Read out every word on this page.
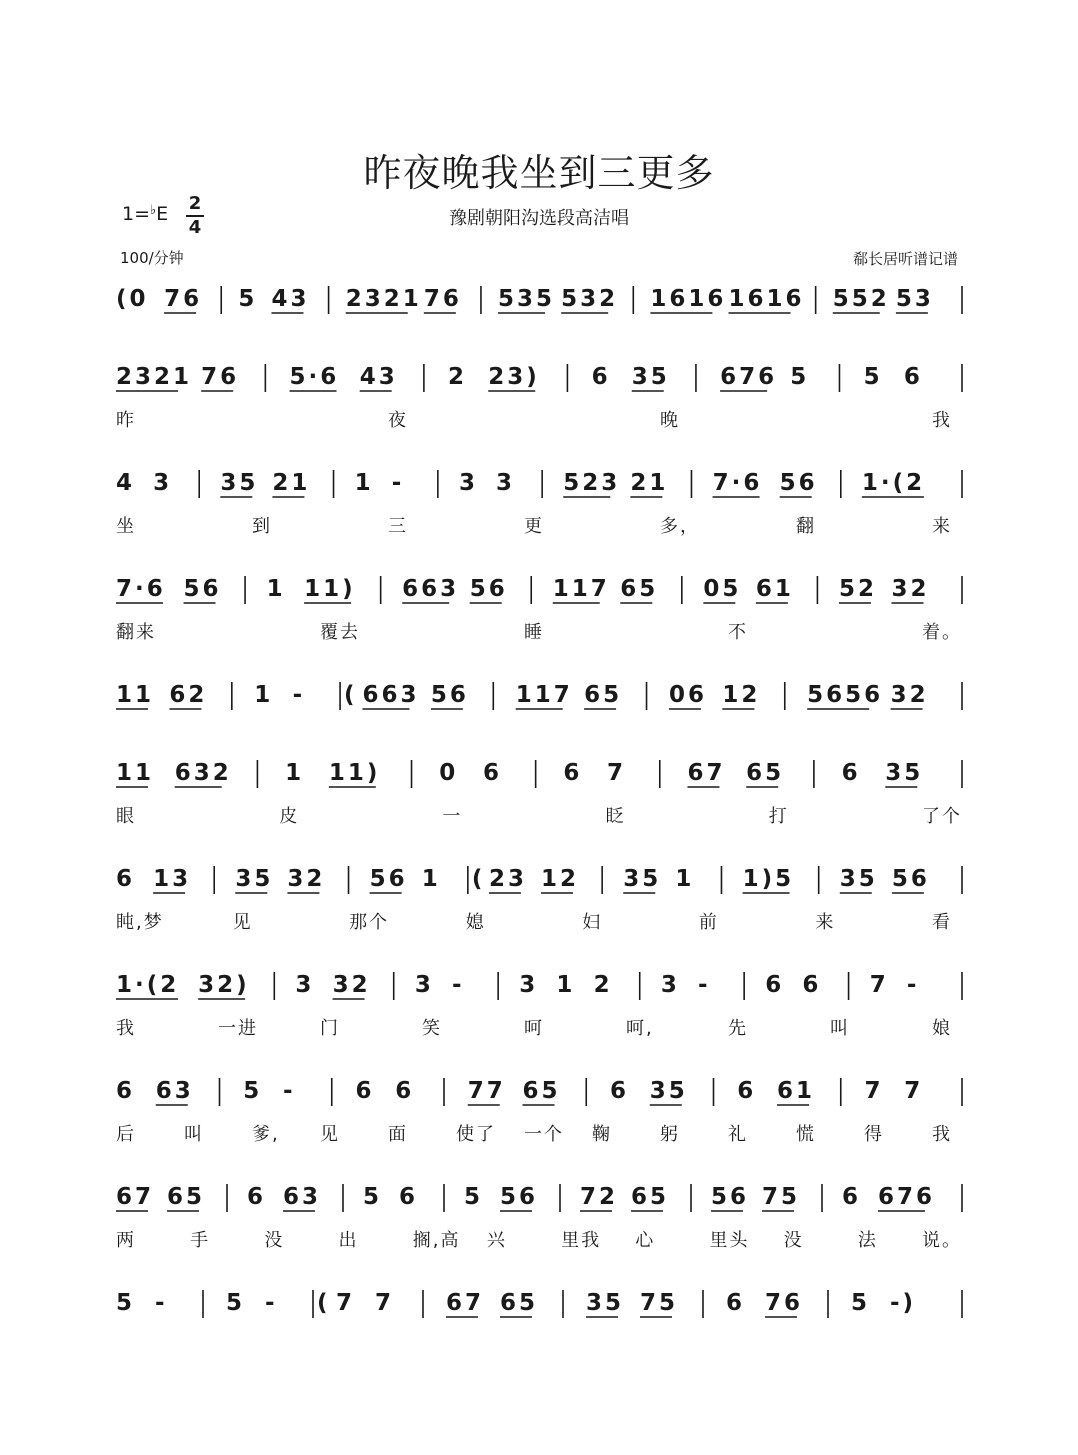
昨夜晚我坐到三更多
豫剧朝阳沟选段高洁唱
1=♭E 2
4
100/分钟	郗长居听谱记谱
(0 76 5 43 2321 76 535 532 1616 1616 552 53
2321 76 5·6 43 2 23) 6 35 676 5 5 6
昨	夜	晚	我
4 3 35 21 1 - 3 3 523 21 7·6 56 1·(2
坐	到	三	更	多，	翻	来
7·6 56 1 11) 663 56 117 65 05 61 52 32
翻来	覆去	睡	不	着。
11 62 1 - ( 663 56 117 65 06 12 5656 32
11 632 1 11)	0 6	6 7	67 65 6 35
眼	皮	一	眨	打	了个
6 13 35 32 56 1 ( 23 12 35 1 1)5 35 56
盹,梦	见	那个	媳	妇	前	来	看
1·(2 32) 3 32 3 - 3 1 2 3 - 6 6 7 -
我	一进	门	笑	呵	呵,	先	叫	娘
6 63 5 -	6 6 77 65 6 35 6 61 7 7
后	叫	爹, 见	面	使了 一个 鞠	躬	礼	慌	得	我
67 65 6 63 5 6 5 56 72 65 56 75 6 676
两	手	没	出	搁,高 兴	里我 心	里头 没	法 说。
5 -	5 - ( 7 7 67 65 35 75 6 76 5 -)
